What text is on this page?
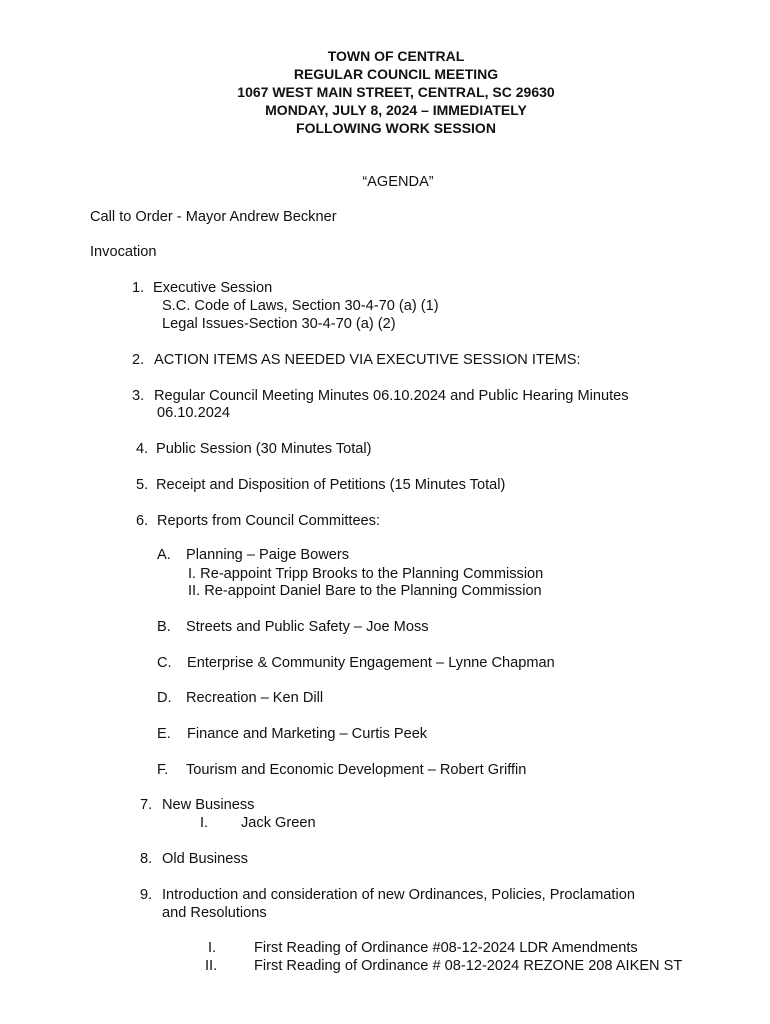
TOWN OF CENTRAL
REGULAR COUNCIL MEETING
1067 WEST MAIN STREET, CENTRAL, SC 29630
MONDAY, JULY 8, 2024 – IMMEDIATELY
FOLLOWING WORK SESSION
“AGENDA”
Call to Order - Mayor Andrew Beckner
Invocation
1. Executive Session
S.C. Code of Laws, Section 30-4-70 (a) (1)
Legal Issues-Section 30-4-70 (a) (2)
2. ACTION ITEMS AS NEEDED VIA EXECUTIVE SESSION ITEMS:
3. Regular Council Meeting Minutes 06.10.2024 and Public Hearing Minutes
06.10.2024
4. Public Session (30 Minutes Total)
5. Receipt and Disposition of Petitions (15 Minutes Total)
6. Reports from Council Committees:
A. Planning – Paige Bowers
I. Re-appoint Tripp Brooks to the Planning Commission
II. Re-appoint Daniel Bare to the Planning Commission
B. Streets and Public Safety – Joe Moss
C. Enterprise & Community Engagement – Lynne Chapman
D. Recreation – Ken Dill
E. Finance and Marketing – Curtis Peek
F. Tourism and Economic Development – Robert Griffin
7. New Business
I. Jack Green
8. Old Business
9. Introduction and consideration of new Ordinances, Policies, Proclamation
and Resolutions
I.	First Reading of Ordinance #08-12-2024 LDR Amendments
II.	First Reading of Ordinance # 08-12-2024 REZONE 208 AIKEN ST
